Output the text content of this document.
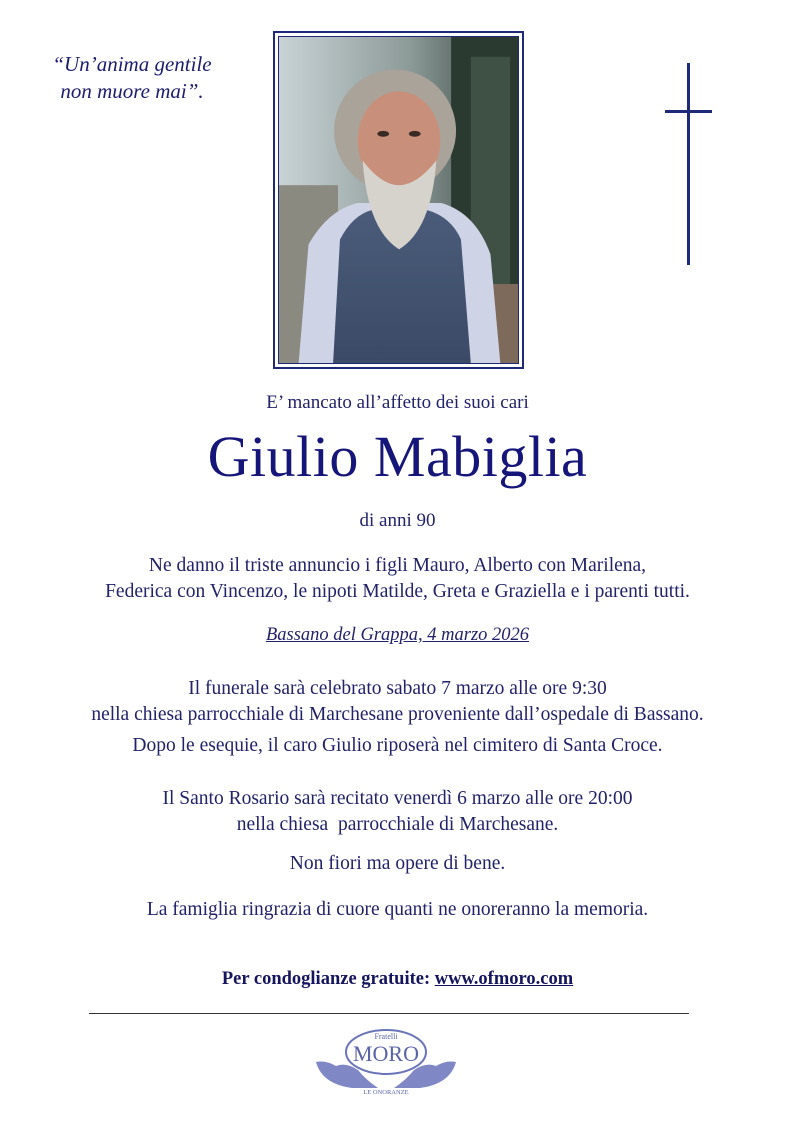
“Un’anima gentile
non muore mai”.
E’ mancato all’affetto dei suoi cari
Giulio Mabiglia
di anni 90
Ne danno il triste annuncio i figli Mauro, Alberto con Marilena,
Federica con Vincenzo, le nipoti Matilde, Greta e Graziella e i parenti tutti.
Bassano del Grappa, 4 marzo 2026
Il funerale sarà celebrato sabato 7 marzo alle ore 9:30
nella chiesa parrocchiale di Marchesane proveniente dall’ospedale di Bassano.
Dopo le esequie, il caro Giulio riposerà nel cimitero di Santa Croce.
Il Santo Rosario sarà recitato venerdì 6 marzo alle ore 20:00
nella chiesa  parrocchiale di Marchesane.
Non fiori ma opere di bene.
La famiglia ringrazia di cuore quanti ne onoreranno la memoria.
Per condoglianze gratuite: www.ofmoro.com
Fratelli
MORO
LE ONORANZE
